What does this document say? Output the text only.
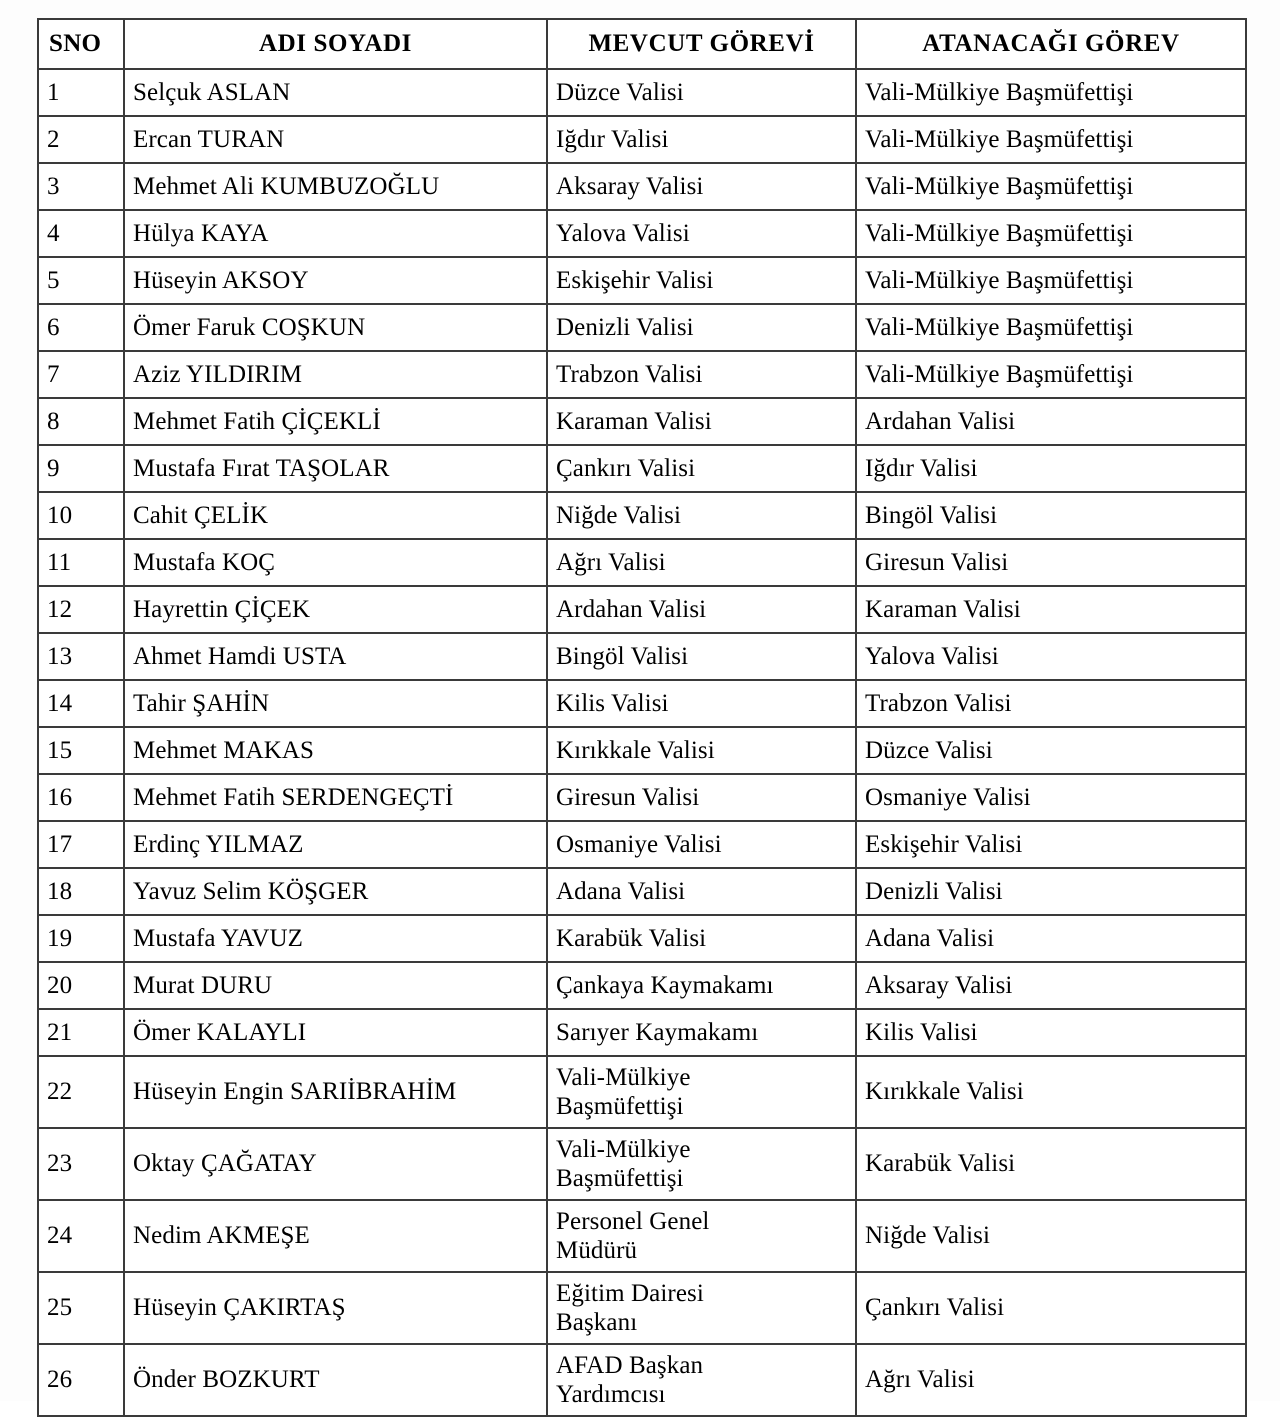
SNO	ADI SOYADI	MEVCUT GÖREVİ	ATANACAĞI GÖREV
1	Selçuk ASLAN	Düzce Valisi	Vali-Mülkiye Başmüfettişi
2	Ercan TURAN	Iğdır Valisi	Vali-Mülkiye Başmüfettişi
3	Mehmet Ali KUMBUZOĞLU	Aksaray Valisi	Vali-Mülkiye Başmüfettişi
4	Hülya KAYA	Yalova Valisi	Vali-Mülkiye Başmüfettişi
5	Hüseyin AKSOY	Eskişehir Valisi	Vali-Mülkiye Başmüfettişi
6	Ömer Faruk COŞKUN	Denizli Valisi	Vali-Mülkiye Başmüfettişi
7	Aziz YILDIRIM	Trabzon Valisi	Vali-Mülkiye Başmüfettişi
8	Mehmet Fatih ÇİÇEKLİ	Karaman Valisi	Ardahan Valisi
9	Mustafa Fırat TAŞOLAR	Çankırı Valisi	Iğdır Valisi
10	Cahit ÇELİK	Niğde Valisi	Bingöl Valisi
11	Mustafa KOÇ	Ağrı Valisi	Giresun Valisi
12	Hayrettin ÇİÇEK	Ardahan Valisi	Karaman Valisi
13	Ahmet Hamdi USTA	Bingöl Valisi	Yalova Valisi
14	Tahir ŞAHİN	Kilis Valisi	Trabzon Valisi
15	Mehmet MAKAS	Kırıkkale Valisi	Düzce Valisi
16	Mehmet Fatih SERDENGEÇTİ	Giresun Valisi	Osmaniye Valisi
17	Erdinç YILMAZ	Osmaniye Valisi	Eskişehir Valisi
18	Yavuz Selim KÖŞGER	Adana Valisi	Denizli Valisi
19	Mustafa YAVUZ	Karabük Valisi	Adana Valisi
20	Murat DURU	Çankaya Kaymakamı	Aksaray Valisi
21	Ömer KALAYLI	Sarıyer Kaymakamı	Kilis Valisi
22	Hüseyin Engin SARIİBRAHİM	Vali-Mülkiye
Başmüfettişi	Kırıkkale Valisi
23	Oktay ÇAĞATAY	Vali-Mülkiye
Başmüfettişi	Karabük Valisi
24	Nedim AKMEŞE	Personel Genel
Müdürü	Niğde Valisi
25	Hüseyin ÇAKIRTAŞ	Eğitim Dairesi
Başkanı	Çankırı Valisi
26	Önder BOZKURT	AFAD Başkan
Yardımcısı	Ağrı Valisi
